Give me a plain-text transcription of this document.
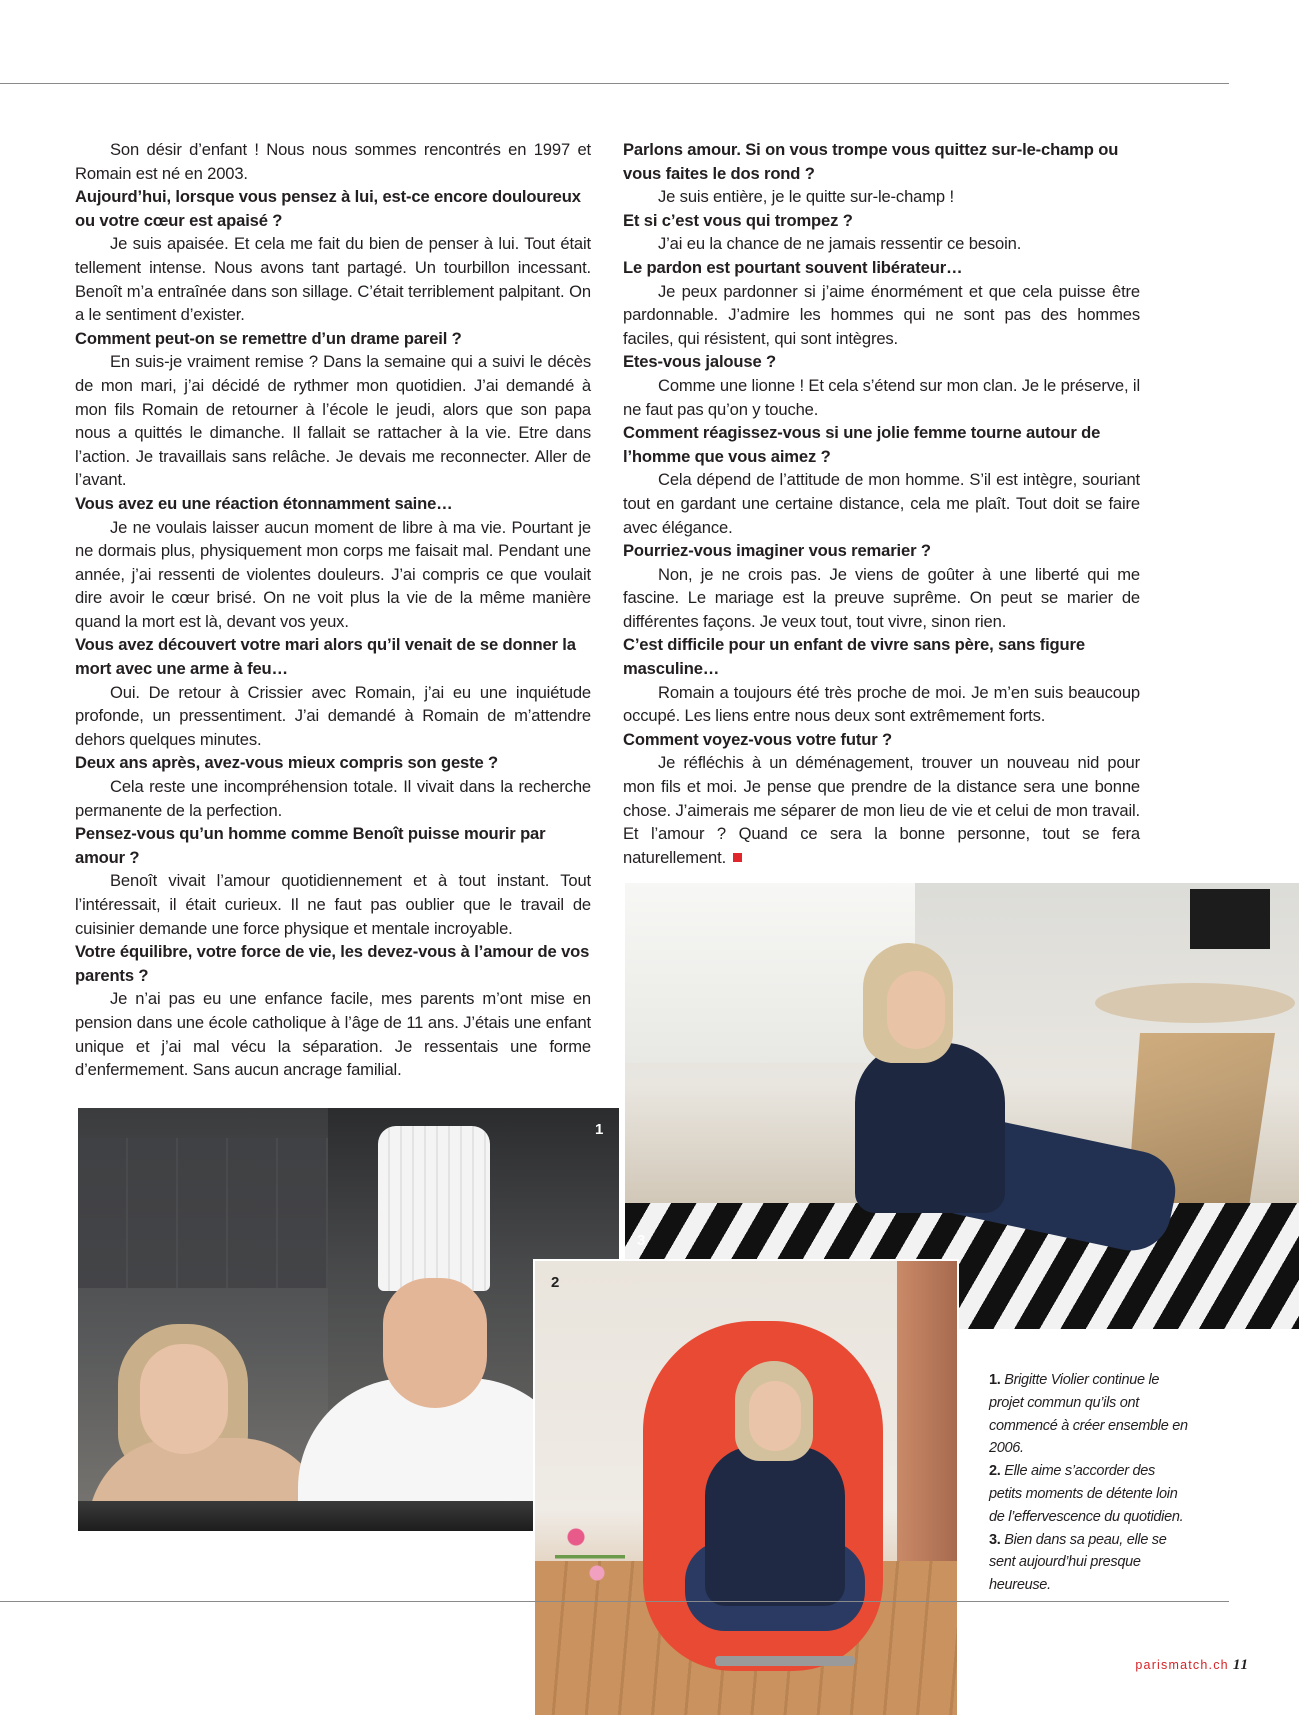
Son désir d’enfant ! Nous nous sommes rencontrés en 1997 et Romain est né en 2003.
Aujourd’hui, lorsque vous pensez à lui, est-ce encore douloureux ou votre cœur est apaisé ?
Je suis apaisée. Et cela me fait du bien de penser à lui. Tout était tellement intense. Nous avons tant partagé. Un tourbillon incessant. Benoît m’a entraînée dans son sillage. C’était terriblement palpitant. On a le sentiment d’exister.
Comment peut-on se remettre d’un drame pareil ?
En suis-je vraiment remise ? Dans la semaine qui a suivi le décès de mon mari, j’ai décidé de rythmer mon quotidien. J’ai demandé à mon fils Romain de retourner à l’école le jeudi, alors que son papa nous a quittés le dimanche. Il fallait se rattacher à la vie. Etre dans l’action. Je travaillais sans relâche. Je devais me reconnecter. Aller de l’avant.
Vous avez eu une réaction étonnamment saine…
Je ne voulais laisser aucun moment de libre à ma vie. Pourtant je ne dormais plus, physiquement mon corps me faisait mal. Pendant une année, j’ai ressenti de violentes douleurs. J’ai compris ce que voulait dire avoir le cœur brisé. On ne voit plus la vie de la même manière quand la mort est là, devant vos yeux.
Vous avez découvert votre mari alors qu’il venait de se donner la mort avec une arme à feu…
Oui. De retour à Crissier avec Romain, j’ai eu une inquiétude profonde, un pressentiment. J’ai demandé à Romain de m’attendre dehors quelques minutes.
Deux ans après, avez-vous mieux compris son geste ?
Cela reste une incompréhension totale. Il vivait dans la recherche permanente de la perfection.
Pensez-vous qu’un homme comme Benoît puisse mourir par amour ?
Benoît vivait l’amour quotidiennement et à tout instant. Tout l’intéressait, il était curieux. Il ne faut pas oublier que le travail de cuisinier demande une force physique et mentale incroyable.
Votre équilibre, votre force de vie, les devez-vous à l’amour de vos parents ?
Je n’ai pas eu une enfance facile, mes parents m’ont mise en pension dans une école catholique à l’âge de 11 ans. J’étais une enfant unique et j’ai mal vécu la séparation. Je ressentais une forme d’enfermement. Sans aucun ancrage familial.
Parlons amour. Si on vous trompe vous quittez sur-le-champ ou vous faites le dos rond ?
Je suis entière, je le quitte sur-le-champ !
Et si c’est vous qui trompez ?
J’ai eu la chance de ne jamais ressentir ce besoin.
Le pardon est pourtant souvent libérateur…
Je peux pardonner si j’aime énormément et que cela puisse être pardonnable. J’admire les hommes qui ne sont pas des hommes faciles, qui résistent, qui sont intègres.
Etes-vous jalouse ?
Comme une lionne ! Et cela s’étend sur mon clan. Je le préserve, il ne faut pas qu’on y touche.
Comment réagissez-vous si une jolie femme tourne autour de l’homme que vous aimez ?
Cela dépend de l’attitude de mon homme. S’il est intègre, souriant tout en gardant une certaine distance, cela me plaît. Tout doit se faire avec élégance.
Pourriez-vous imaginer vous remarier ?
Non, je ne crois pas. Je viens de goûter à une liberté qui me fascine. Le mariage est la preuve suprême. On peut se marier de différentes façons. Je veux tout, tout vivre, sinon rien.
C’est difficile pour un enfant de vivre sans père, sans figure masculine…
Romain a toujours été très proche de moi. Je m’en suis beaucoup occupé. Les liens entre nous deux sont extrêmement forts.
Comment voyez-vous votre futur ?
Je réfléchis à un déménagement, trouver un nouveau nid pour mon fils et moi. Je pense que prendre de la distance sera une bonne chose. J’aimerais me séparer de mon lieu de vie et celui de mon travail. Et l’amour ? Quand ce sera la bonne personne, tout se fera naturellement.
3
1
2
1. Brigitte Violier continue le projet commun qu’ils ont commencé à créer ensemble en 2006.
2. Elle aime s’accorder des petits moments de détente loin de l’effervescence du quotidien.
3. Bien dans sa peau, elle se sent aujourd’hui presque heureuse.
parismatch.ch 11
